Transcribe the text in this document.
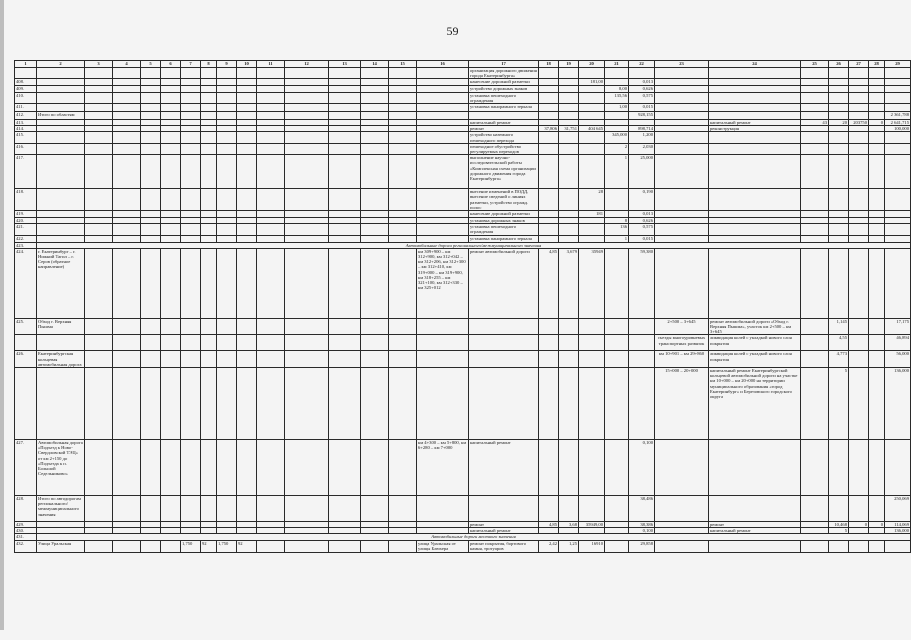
59
1	2	3	4	5	6	7	8	9	10	11	12	13	14	15	16	17	18	19	20	21	22	23	24	25	26	27	28	29
																организация дорожного движения города Екатеринбурга»												
408.																нанесение дорожной разметки			181,00		0,013							
409.																устройство дорожных знаков				8,00	0,626							
410.																установка пешеходного ограждения				135,56	0,575							
411.																установка панорамного зеркала				1,00	0,015							
412.	Итого по областям																				928,155							2 361,788
413.																капитальный ремонт							капитальный ремонт	43	20	203750	0	2 641,715
414.																ремонт	37,806	31,751	404 645		898,714		реконструкция					100,000
415.																устройство наземного пешеходного перехода				345,000	1,200							
416.																пешеходное обустройство регулируемых переходов				2	2,030							
417.																выполнение научно-исследовательской работы «Комплексная схема организации дорожного движения города Екатеринбурга»				1	25,000							
418.																внесение изменений в ПОДД, внесение сведений о линиях разметки, устройство огражд. полос			28		0,190							
419.																нанесение дорожной разметки			181		0,013							
420.																установка дорожных знаков				8	0,626							
421.																установка пешеходного ограждения				136	0,575							
422.																установка панорамного зеркала				1	0,015							
423.	Автомобильные дороги регионального/межмуниципального значения																											
424.	г. Екатеринбург – г. Нижний Тагил – г. Серов (обратное направление)														км 309+900 – км 312+900, км 312+042 – км 312+206, км 312+300 – км 312+410, км 319+000 – км 319+900, км 318+255 – км 321+100, км 312+330 – км 325+012	ремонт автомобильной дороги	4,85	3,679	35949		59,380							
425.	Обход г. Верхняя Пышма																					2+500 – 3+645	ремонт автомобильной дороги «Обход г. Верхняя Пышма», участок км 2+500 – км 3+645		1,145			17,175
																						съезды многоуровневых транспортных развязок	ликвидация колей с укладкой нового слоя покрытия		4,55			46,894
426.	Екатеринбургская кольцевая автомобильная дорога																					км 10+901 – км 29+860	ликвидация колей с укладкой нового слоя покрытия		4,773			56,000
																						15+000 – 20+000	капитальный ремонт Екатеринбургской кольцевой автомобильной дороги на участке км 10+000 – км 20+000 на территории муниципального образования «город Екатеринбург» и Березовского городского округа		5			136,000
427.	Автомобильная дорога «Подъезд к Ново-Свердловской ТЭЦ» от км 2+150 до «Подъезда к п. Большой Седельниково»														км 4+300 – км 5+800, км 6+280 – км 7+000	капитальный ремонт					0,100							
428.	Итого по автодорогам регионального/межмуниципального значения																				38,486							250,069
429.																ремонт	4,85	3,68	35949,00		38,386		ремонт		10,468	0	0	114,069
430.																капитальный ремонт					0,100		капитальный ремонт		5			136,000
431.	Автомобильные дороги местного значения																											
432.	Улица Уральская					1,750	92	1,750	92						улица Уральская от улицы Блюхера	ремонт покрытия, бортового камня, тротуаров	2,42	1,25	16910		29,858							
